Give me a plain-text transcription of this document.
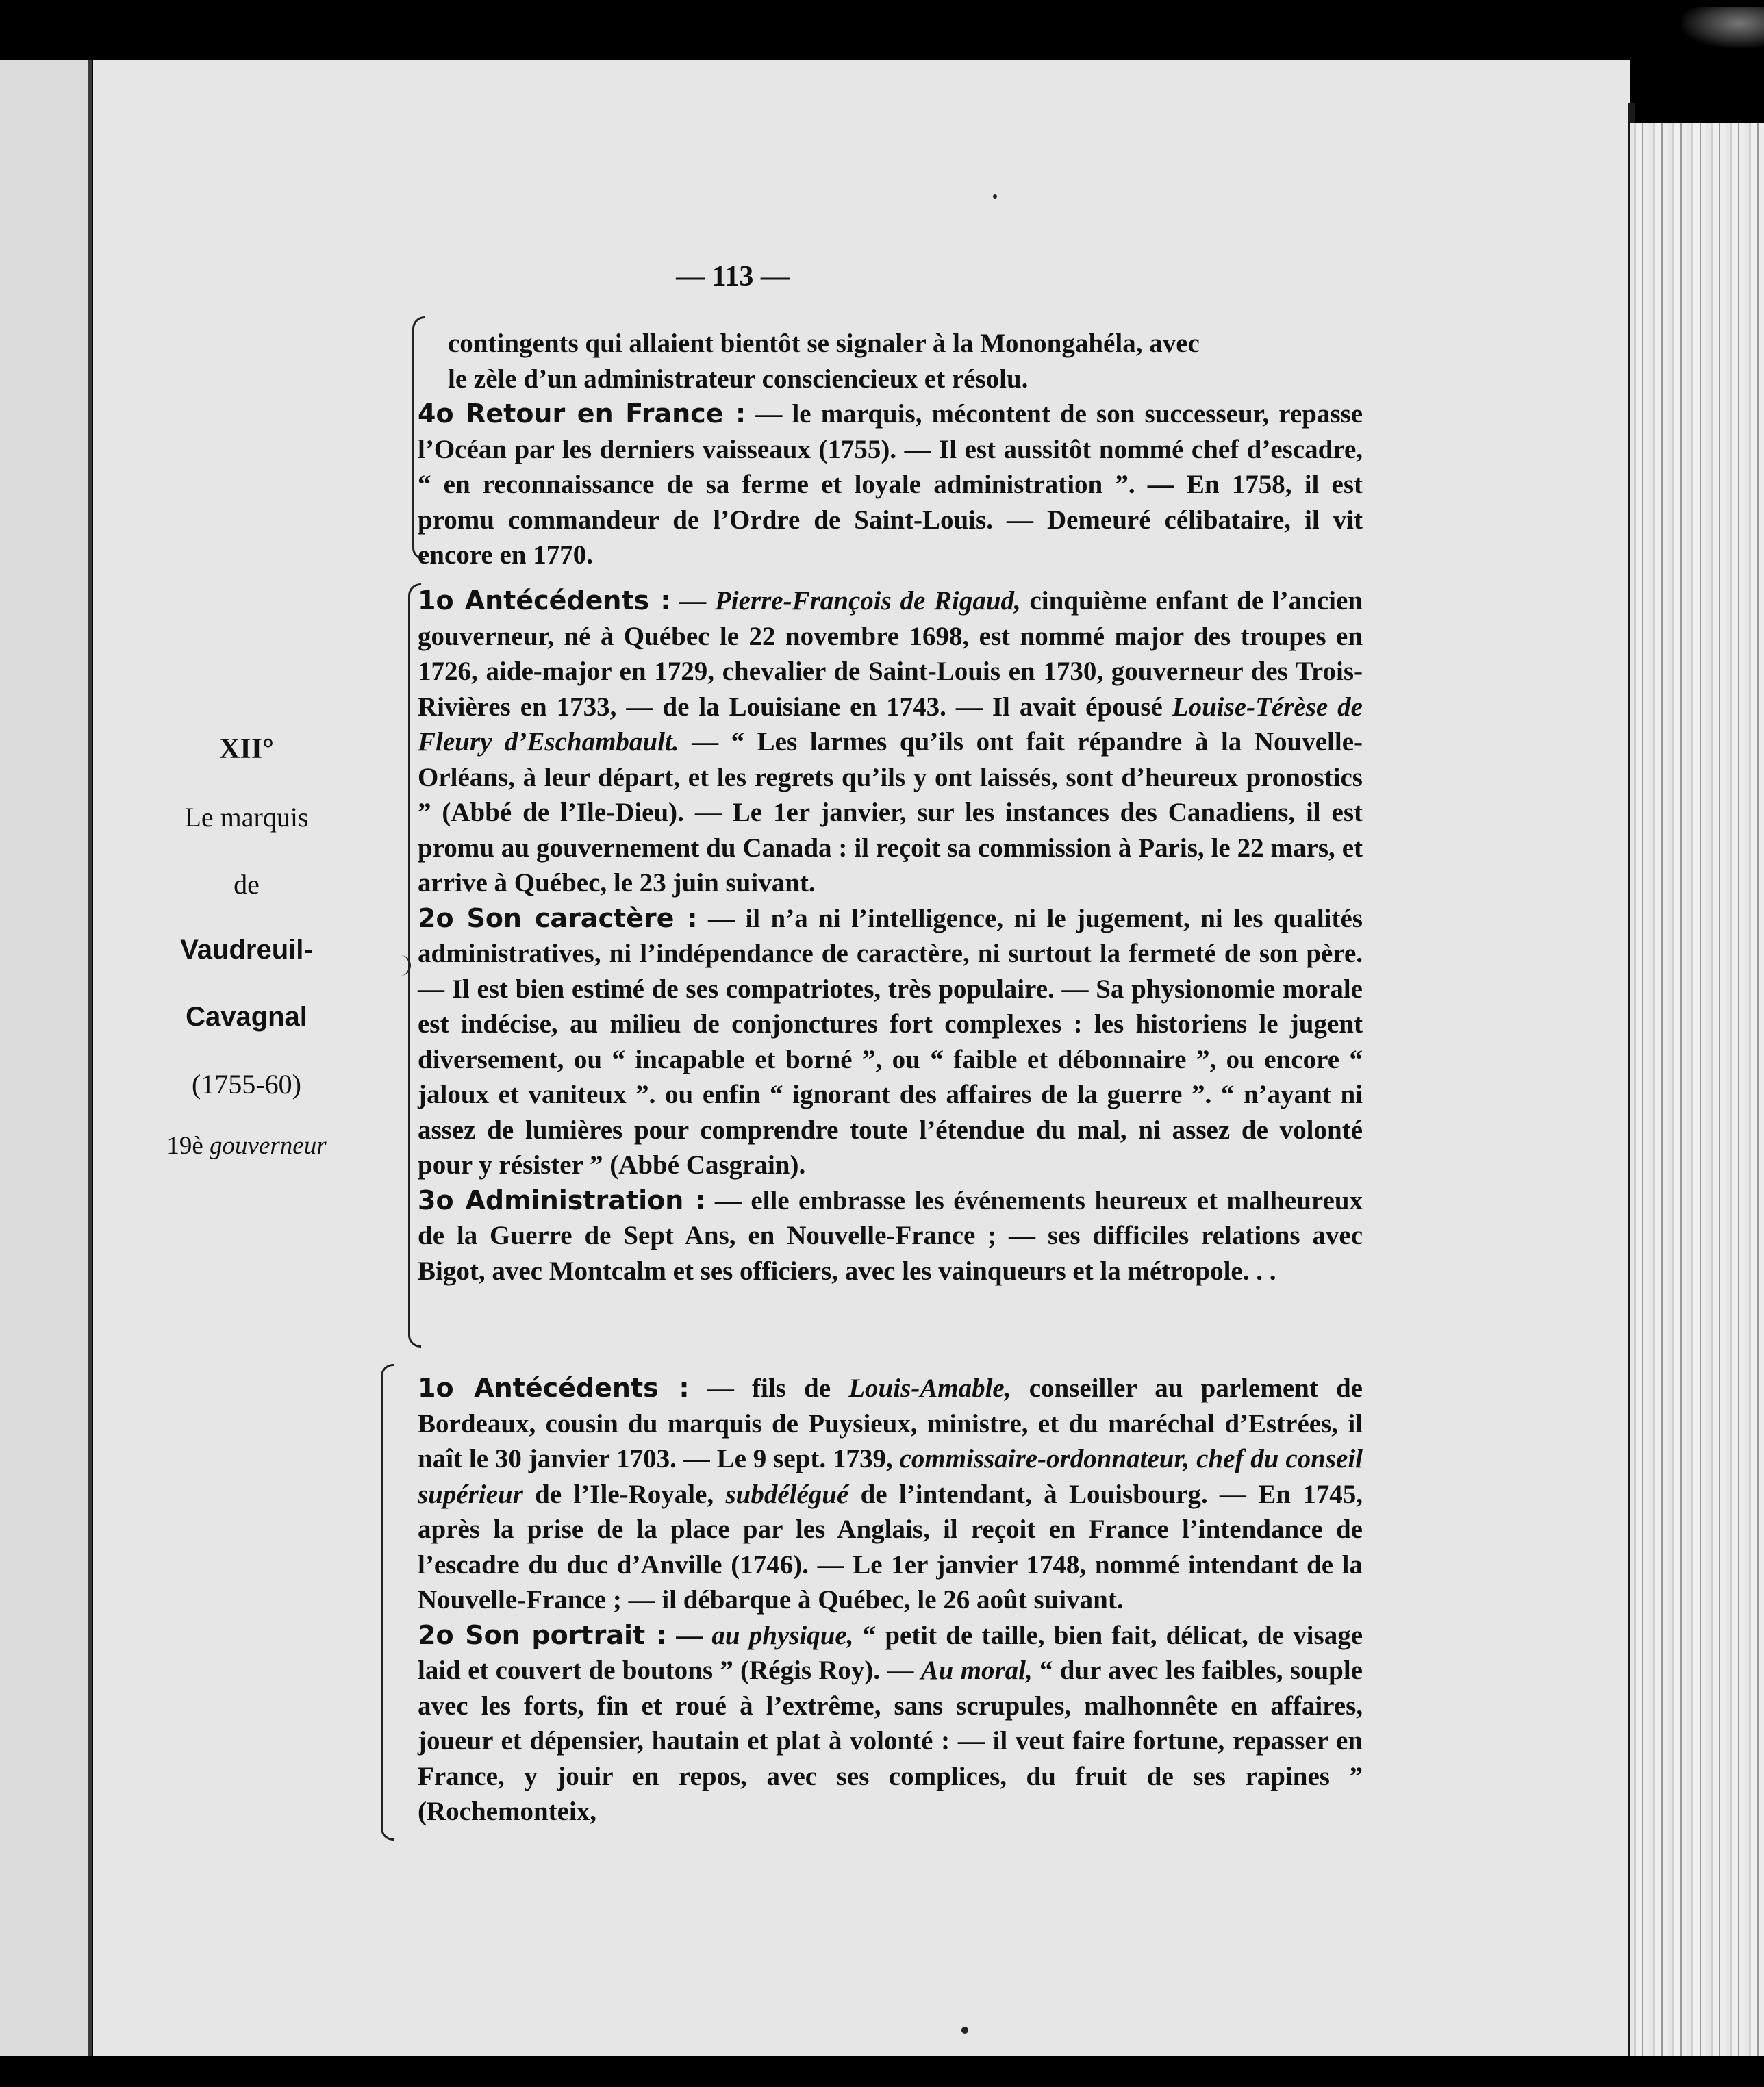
— 113 —
XII°
Le marquis
de
Vaudreuil-
Cavagnal
(1755-60)
19è gouverneur

contingents qui allaient bientôt se signaler à la Monongahéla, avec
le zèle d’un administrateur consciencieux et résolu.

4o Retour en France : — le marquis, mécontent de son successeur, repasse l’Océan par les derniers vaisseaux (1755). — Il est aussitôt nommé chef d’escadre, “ en reconnaissance de sa ferme et loyale administration ”. — En 1758, il est promu commandeur de l’Ordre de Saint-Louis. — Demeuré célibataire, il vit encore en 1770.

1o Antécédents : — Pierre-François de Rigaud, cinquième enfant de l’ancien gouverneur, né à Québec le 22 novembre 1698, est nommé major des troupes en 1726, aide-major en 1729, chevalier de Saint-Louis en 1730, gouverneur des Trois-Rivières en 1733, — de la Louisiane en 1743. — Il avait épousé Louise-Térèse de Fleury d’Eschambault. — “ Les larmes qu’ils ont fait répandre à la Nouvelle-Orléans, à leur départ, et les regrets qu’ils y ont laissés, sont d’heureux pronostics ” (Abbé de l’Ile-Dieu). — Le 1er janvier, sur les instances des Canadiens, il est promu au gouvernement du Canada : il reçoit sa commission à Paris, le 22 mars, et arrive à Québec, le 23 juin suivant.

2o Son caractère : — il n’a ni l’intelligence, ni le jugement, ni les qualités administratives, ni l’indépendance de caractère, ni surtout la fermeté de son père. — Il est bien estimé de ses compatriotes, très populaire. — Sa physionomie morale est indécise, au milieu de conjonctures fort complexes : les historiens le jugent diversement, ou “ incapable et borné ”, ou “ faible et débonnaire ”, ou encore “ jaloux et vaniteux ”. ou enfin “ ignorant des affaires de la guerre ”. “ n’ayant ni assez de lumières pour comprendre toute l’étendue du mal, ni assez de volonté pour y résister ” (Abbé Casgrain).

3o Administration : — elle embrasse les événements heureux et malheureux de la Guerre de Sept Ans, en Nouvelle-France ; — ses difficiles relations avec Bigot, avec Montcalm et ses officiers, avec les vainqueurs et la métropole. . .

1o Antécédents : — fils de Louis-Amable, conseiller au parlement de Bordeaux, cousin du marquis de Puysieux, ministre, et du maréchal d’Estrées, il naît le 30 janvier 1703. — Le 9 sept. 1739, commissaire-ordonnateur, chef du conseil supérieur de l’Ile-Royale, subdélégué de l’intendant, à Louisbourg. — En 1745, après la prise de la place par les Anglais, il reçoit en France l’intendance de l’escadre du duc d’Anville (1746). — Le 1er janvier 1748, nommé intendant de la Nouvelle-France ; — il débarque à Québec, le 26 août suivant.

2o Son portrait : — au physique, “ petit de taille, bien fait, délicat, de visage laid et couvert de boutons ” (Régis Roy). — Au moral, “ dur avec les faibles, souple avec les forts, fin et roué à l’extrême, sans scrupules, malhonnête en affaires, joueur et dépensier, hautain et plat à volonté : — il veut faire fortune, repasser en France, y jouir en repos, avec ses complices, du fruit de ses rapines ” (Rochemonteix,
